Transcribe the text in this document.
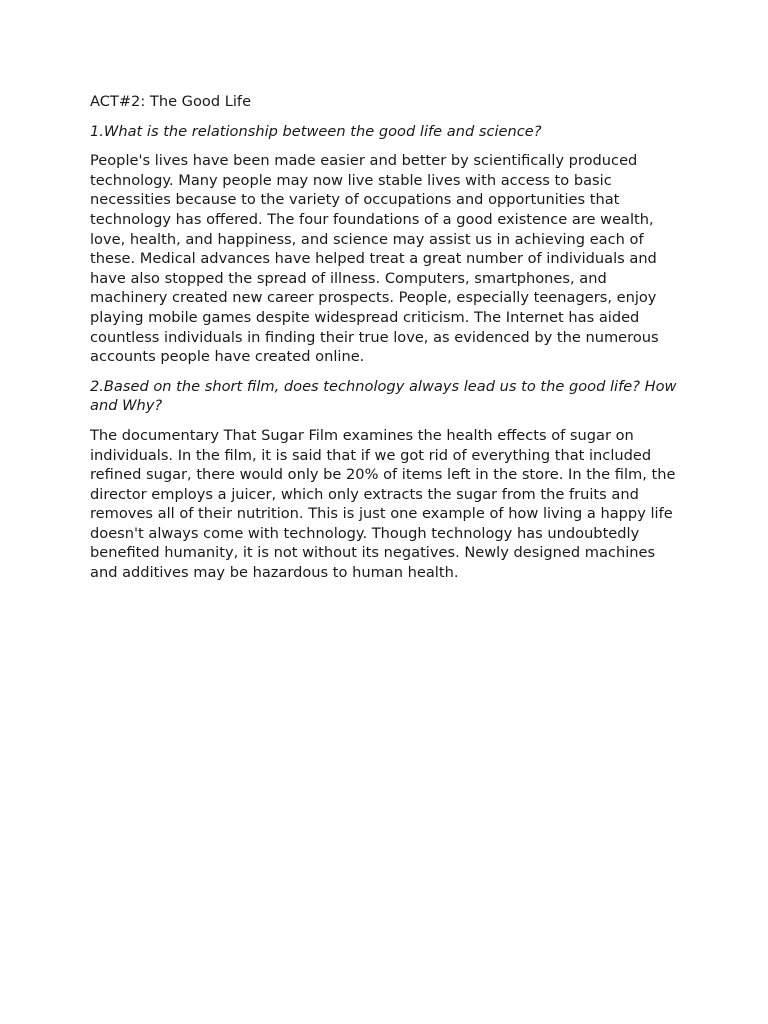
ACT#2: The Good Life

1.What is the relationship between the good life and science?

People's lives have been made easier and better by scientifically produced technology. Many people may now live stable lives with access to basic necessities because to the variety of occupations and opportunities that technology has offered. The four foundations of a good existence are wealth, love, health, and happiness, and science may assist us in achieving each of these. Medical advances have helped treat a great number of individuals and have also stopped the spread of illness. Computers, smartphones, and machinery created new career prospects. People, especially teenagers, enjoy playing mobile games despite widespread criticism. The Internet has aided countless individuals in finding their true love, as evidenced by the numerous accounts people have created online.

2.Based on the short film, does technology always lead us to the good life? How and Why?

The documentary That Sugar Film examines the health effects of sugar on individuals. In the film, it is said that if we got rid of everything that included refined sugar, there would only be 20% of items left in the store. In the film, the director employs a juicer, which only extracts the sugar from the fruits and removes all of their nutrition. This is just one example of how living a happy life doesn't always come with technology. Though technology has undoubtedly benefited humanity, it is not without its negatives. Newly designed machines and additives may be hazardous to human health.
